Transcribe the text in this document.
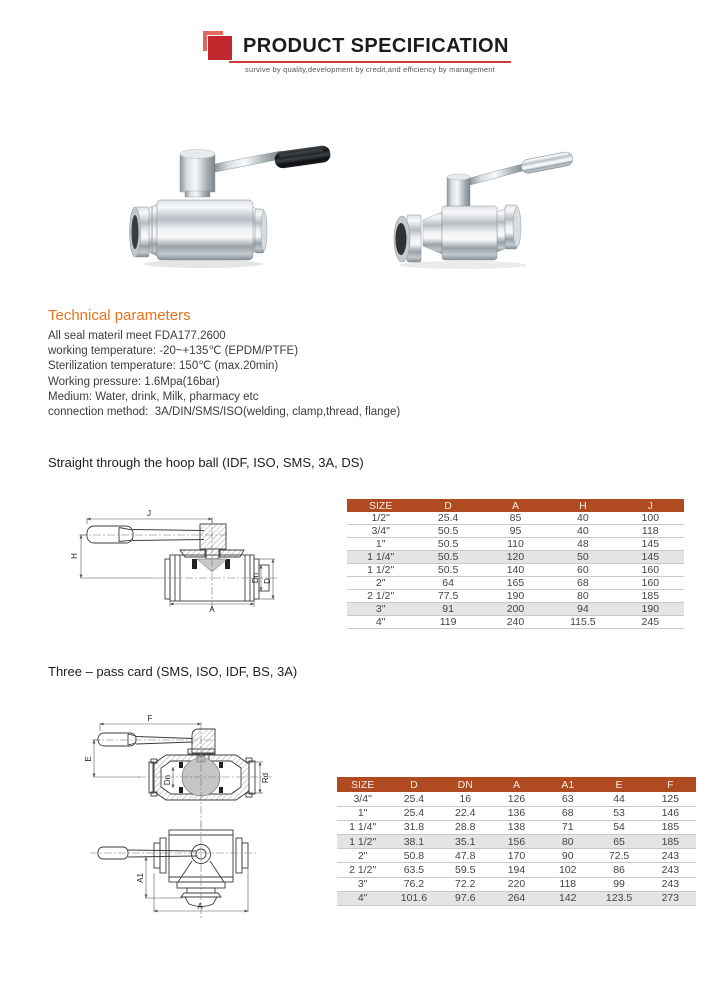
PRODUCT SPECIFICATION
survive by quality,development by credit,and efficiency by management
Technical parameters
All seal materil meet FDA177.2600
working temperature: -20~+135℃ (EPDM/PTFE)
Sterilization temperature: 150℃ (max.20min)
Working pressure: 1.6Mpa(16bar)
Medium: Water, drink, Milk, pharmacy etc
connection method:  3A/DIN/SMS/ISO(welding, clamp,thread, flange)
Straight through the hoop ball (IDF, ISO, SMS, 3A, DS)
J
H
Dn D
A
SIZE	D	A	H	J
1/2"	25.4	85	40	100
3/4"	50.5	95	40	118
1"	50.5	110	48	145
1 1/4"	50.5	120	50	145
1 1/2"	50.5	140	60	160
2"	64	165	68	160
2 1/2"	77.5	190	80	185
3"	91	200	94	190
4"	119	240	115.5	245
Three – pass card (SMS, ISO, IDF, BS, 3A)
F
E
Dn	Rd
A1
A
SIZE	D	DN	A	A1	E	F
3/4"	25.4	16	126	63	44	125
1"	25.4	22.4	136	68	53	146
1 1/4"	31.8	28.8	138	71	54	185
1 1/2"	38.1	35.1	156	80	65	185
2"	50.8	47.8	170	90	72.5	243
2 1/2"	63.5	59.5	194	102	86	243
3"	76.2	72.2	220	118	99	243
4"	101.6	97.6	264	142	123.5	273
